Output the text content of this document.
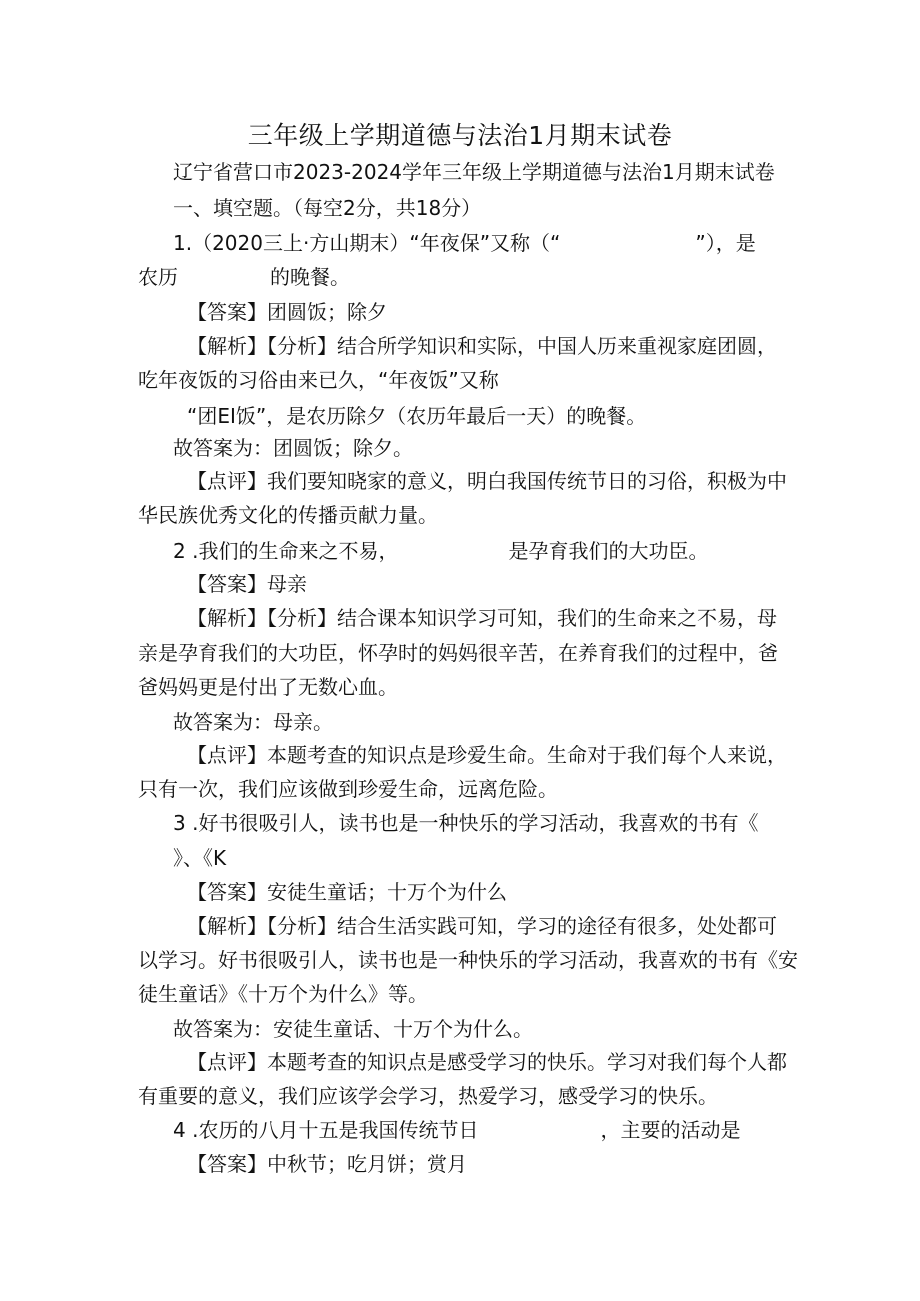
三年级上学期道德与法治1月期末试卷
辽宁省营口市2023-2024学年三年级上学期道德与法治1月期末试卷
一、填空题。（每空2分，共18分）
1.（2020三上·方山期末）“年夜保”又称（“	”），是
农历	的晚餐。
【答案】团圆饭；除夕
【解析】【分析】结合所学知识和实际，中国人历来重视家庭团圆，
吃年夜饭的习俗由来已久，“年夜饭”又称
“团EI饭”，是农历除夕（农历年最后一天）的晚餐。
故答案为：团圆饭；除夕。
【点评】我们要知晓家的意义，明白我国传统节日的习俗，积极为中
华民族优秀文化的传播贡献力量。
2 .我们的生命来之不易，	是孕育我们的大功臣。
【答案】母亲
【解析】【分析】结合课本知识学习可知，我们的生命来之不易，母
亲是孕育我们的大功臣，怀孕时的妈妈很辛苦，在养育我们的过程中，爸
爸妈妈更是付出了无数心血。
故答案为：母亲。
【点评】本题考查的知识点是珍爱生命。生命对于我们每个人来说，
只有一次，我们应该做到珍爱生命，远离危险。
3 .好书很吸引人，读书也是一种快乐的学习活动，我喜欢的书有《
》、《K
【答案】安徒生童话；十万个为什么
【解析】【分析】结合生活实践可知，学习的途径有很多，处处都可
以学习。好书很吸引人，读书也是一种快乐的学习活动，我喜欢的书有《安
徒生童话》《十万个为什么》等。
故答案为：安徒生童话、十万个为什么。
【点评】本题考查的知识点是感受学习的快乐。学习对我们每个人都
有重要的意义，我们应该学会学习，热爱学习，感受学习的快乐。
4 .农历的八月十五是我国传统节日	，主要的活动是
【答案】中秋节；吃月饼；赏月
